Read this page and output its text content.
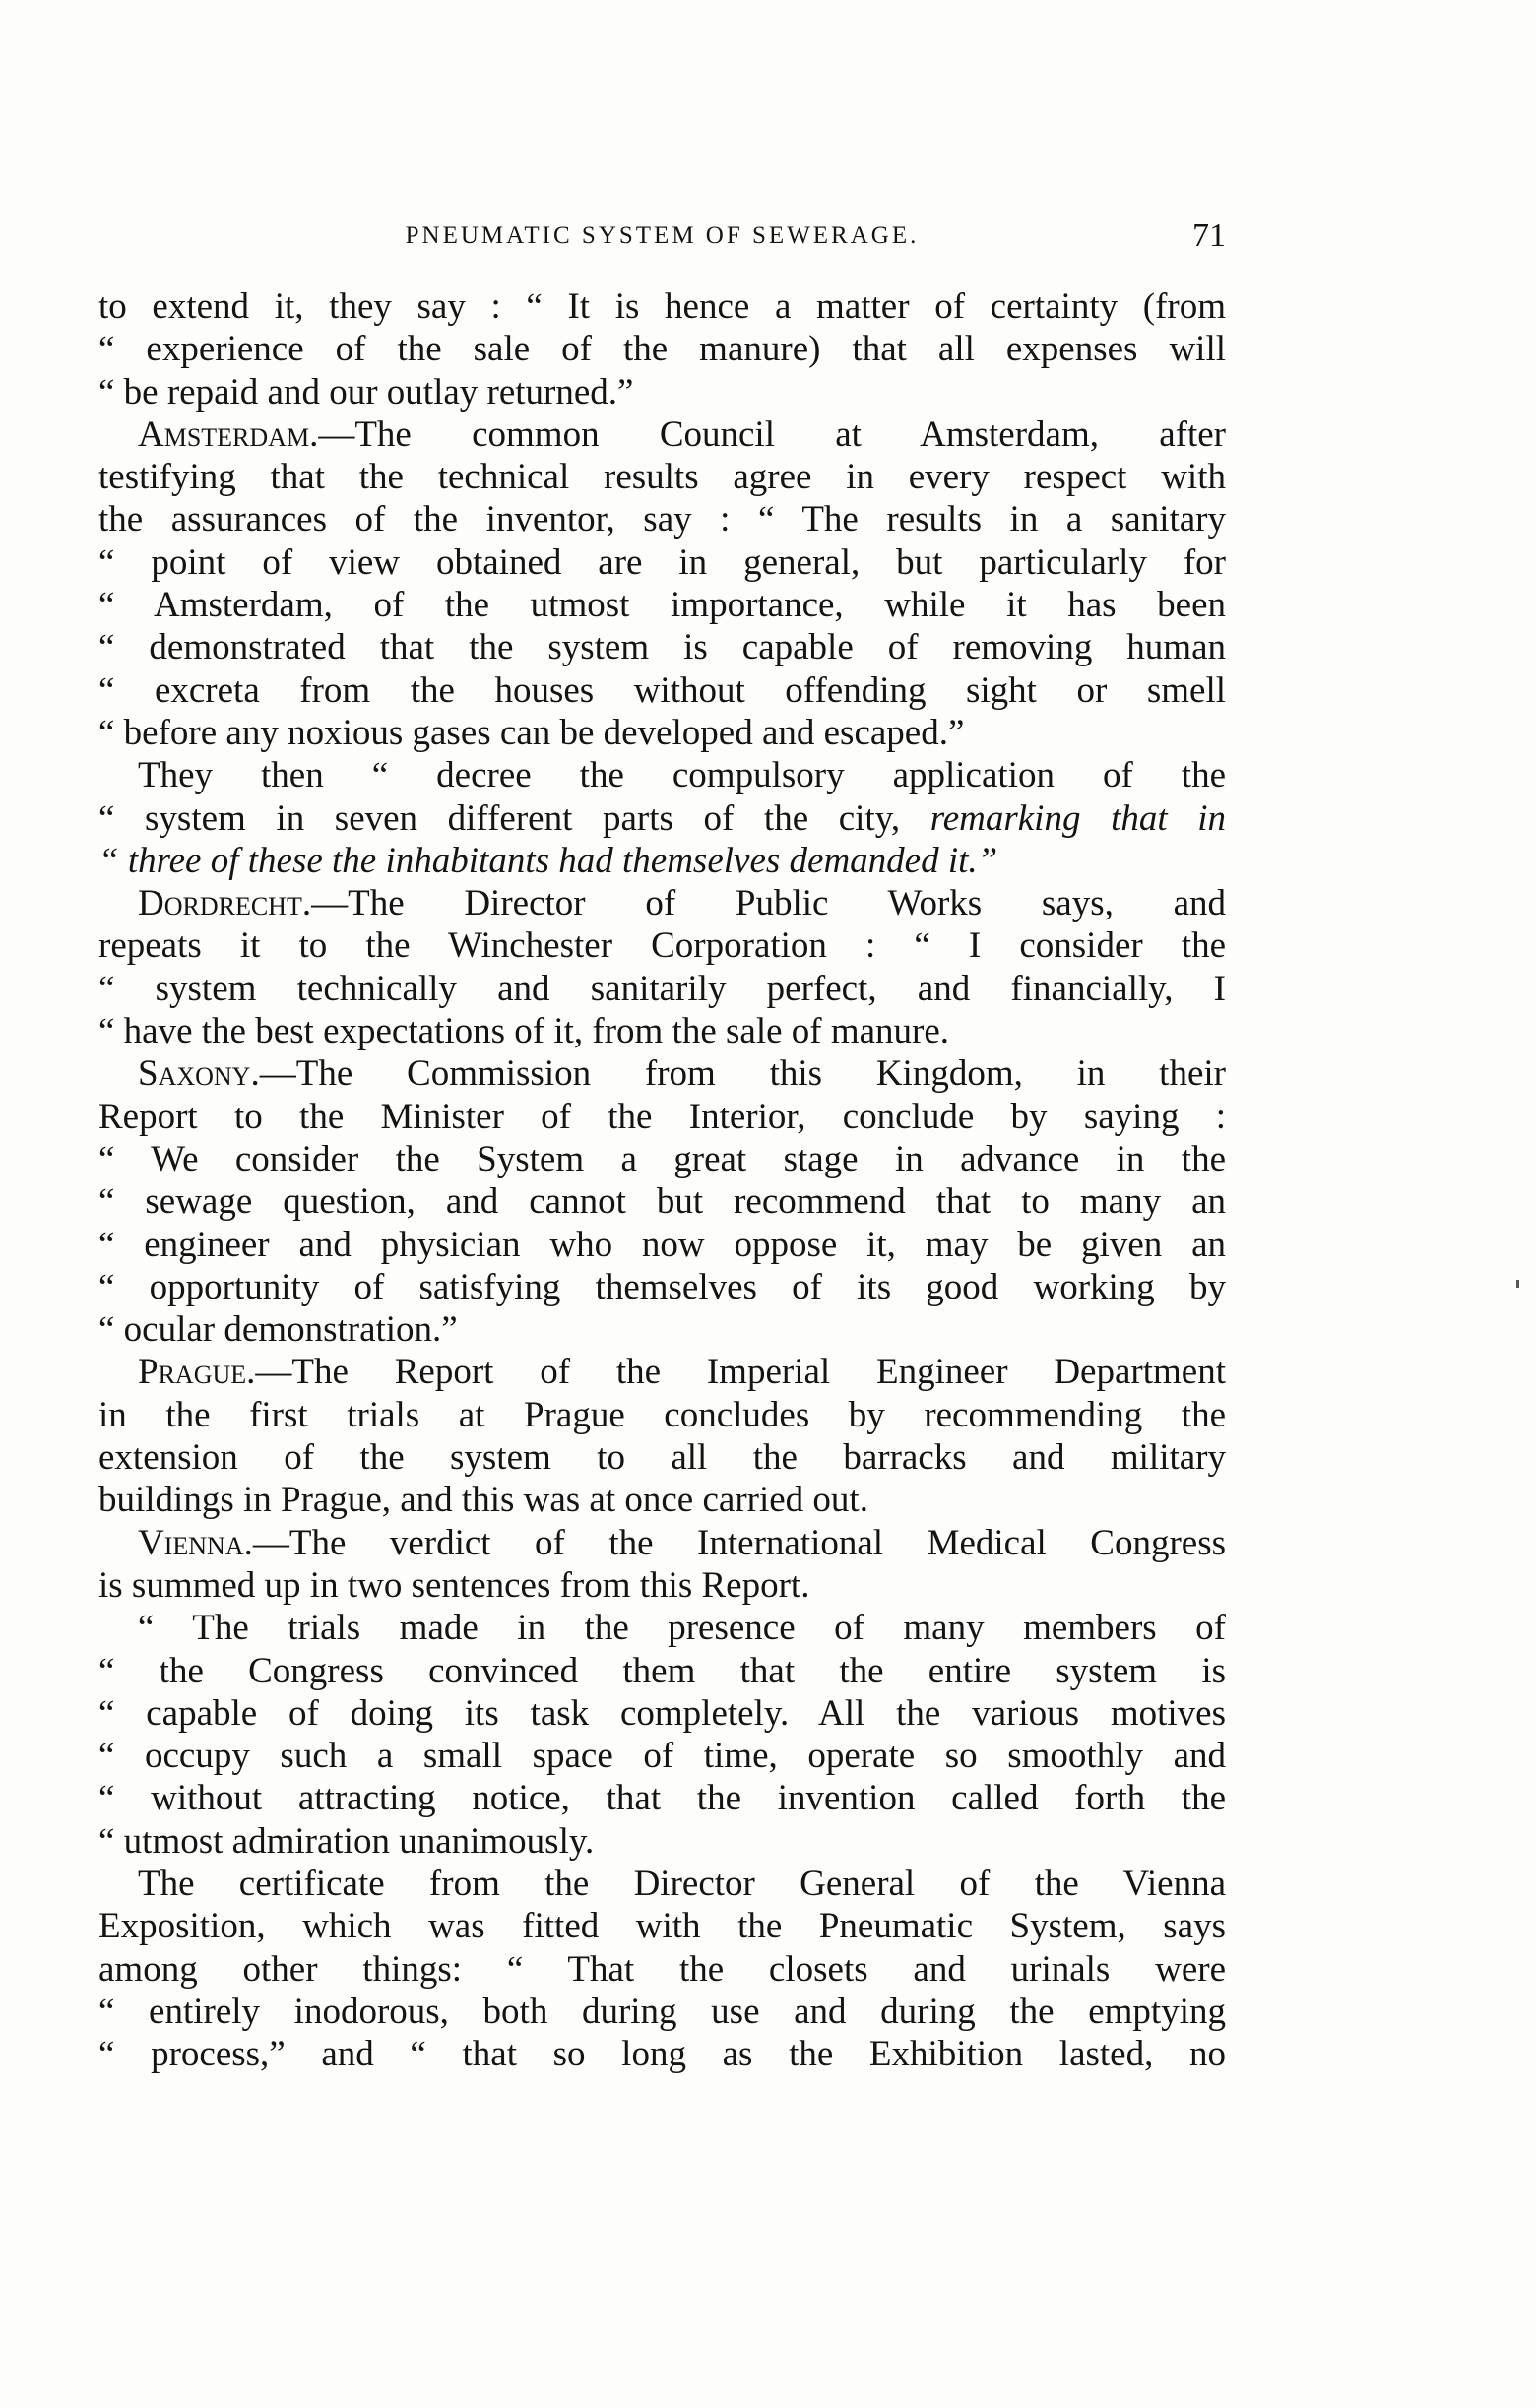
PNEUMATIC SYSTEM OF SEWERAGE.	71
to extend it, they say : “ It is hence a matter of certainty (from
“ experience of the sale of the manure) that all expenses will
“ be repaid and our outlay returned.”
Amsterdam.—The common Council at Amsterdam, after
testifying that the technical results agree in every respect with
the assurances of the inventor, say : “ The results in a sanitary
“ point of view obtained are in general, but particularly for
“ Amsterdam, of the utmost importance, while it has been
“ demonstrated that the system is capable of removing human
“ excreta from the houses without offending sight or smell
“ before any noxious gases can be developed and escaped.”
They then “ decree the compulsory application of the
“ system in seven different parts of the city, remarking that in
“ three of these the inhabitants had themselves demanded it.”
Dordrecht.—The Director of Public Works says, and
repeats it to the Winchester Corporation : “ I consider the
“ system technically and sanitarily perfect, and financially, I
“ have the best expectations of it, from the sale of manure.
Saxony.—The Commission from this Kingdom, in their
Report to the Minister of the Interior, conclude by saying :
“ We consider the System a great stage in advance in the
“ sewage question, and cannot but recommend that to many an
“ engineer and physician who now oppose it, may be given an
“ opportunity of satisfying themselves of its good working by
“ ocular demonstration.”
Prague.—The Report of the Imperial Engineer Department
in the first trials at Prague concludes by recommending the
extension of the system to all the barracks and military
buildings in Prague, and this was at once carried out.
Vienna.—The verdict of the International Medical Congress
is summed up in two sentences from this Report.
“ The trials made in the presence of many members of
“ the Congress convinced them that the entire system is
“ capable of doing its task completely. All the various motives
“ occupy such a small space of time, operate so smoothly and
“ without attracting notice, that the invention called forth the
“ utmost admiration unanimously.
The certificate from the Director General of the Vienna
Exposition, which was fitted with the Pneumatic System, says
among other things: “ That the closets and urinals were
“ entirely inodorous, both during use and during the emptying
“ process,” and “ that so long as the Exhibition lasted, no
